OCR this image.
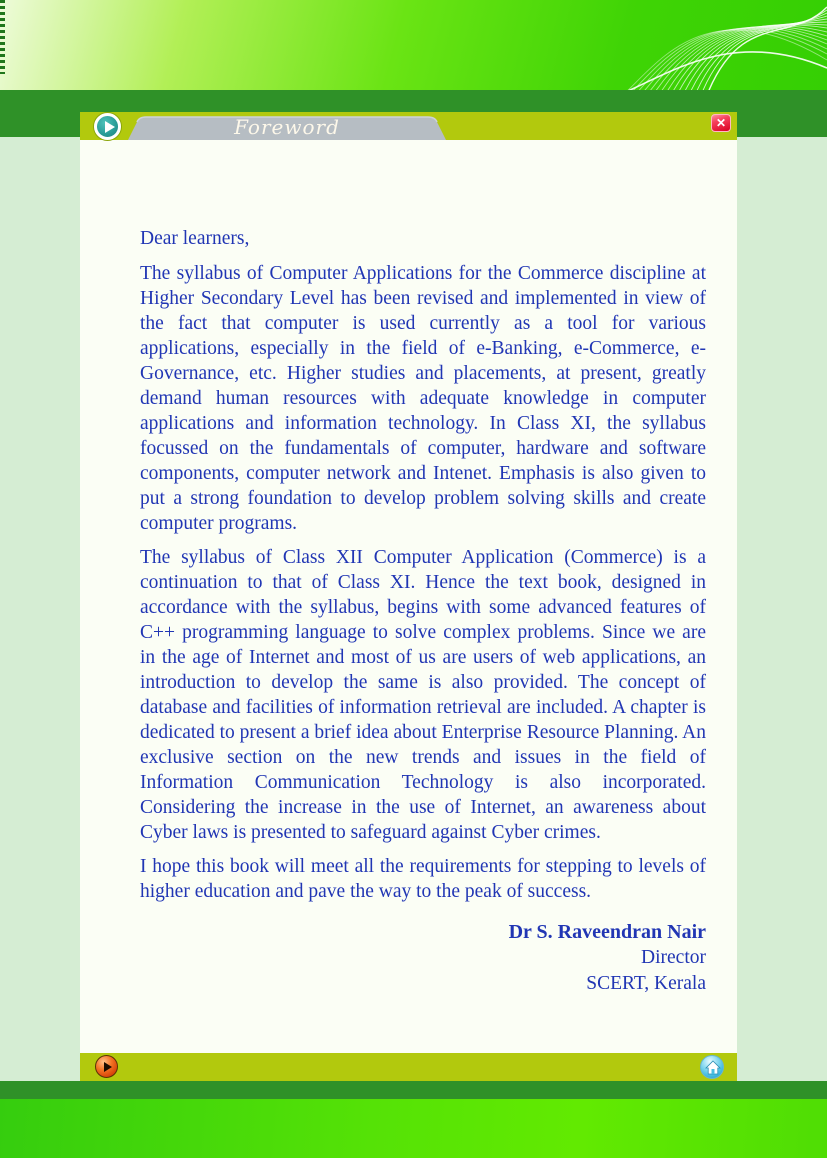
Foreword	✕

Dear learners,

The syllabus of Computer Applications for the Commerce discipline at Higher Secondary Level has been revised and implemented in view of the fact that computer is used currently as a tool for various applications, especially in the field of e-Banking, e-Commerce, e-Governance, etc. Higher studies and placements, at present, greatly demand human resources with adequate knowledge in computer applications and information technology. In Class XI, the syllabus focussed on the fundamentals of computer, hardware and software components, computer network and Intenet. Emphasis is also given to put a strong foundation to develop problem solving skills and create computer programs.

The syllabus of Class XII Computer Application (Commerce) is a continuation to that of Class XI. Hence the text book, designed in accordance with the syllabus, begins with some advanced features of C++ programming language to solve complex problems. Since we are in the age of Internet and most of us are users of web applications, an introduction to develop the same is also provided. The concept of database and facilities of information retrieval are included. A chapter is dedicated to present a brief idea about Enterprise Resource Planning. An exclusive section on the new trends and issues in the field of Information Communication Technology is also incorporated. Considering the increase in the use of Internet, an awareness about Cyber laws is presented to safeguard against Cyber crimes.

I hope this book will meet all the requirements for stepping to levels of higher education and pave the way to the peak of success.

Dr S. Raveendran Nair
Director
SCERT, Kerala
